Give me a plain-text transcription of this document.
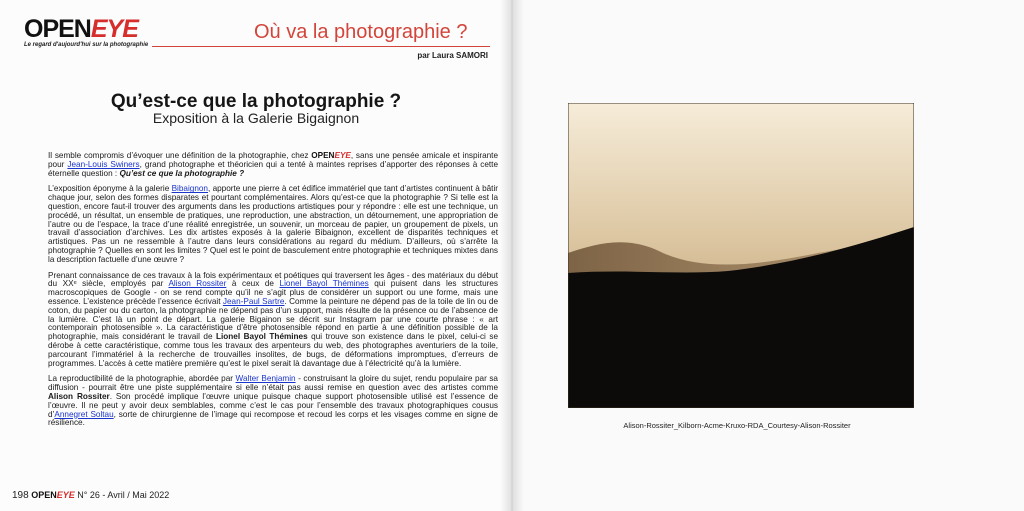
OPENEYE
Le regard d'aujourd'hui sur la photographie
Où va la photographie ?
par Laura SAMORI
Qu’est-ce que la photographie ?
Exposition à la Galerie Bigaignon

Il semble compromis d’évoquer une définition de la photographie, chez OPENEYE, sans une pensée amicale et inspirante pour Jean-Louis Swiners, grand photographe et théoricien qui a tenté à maintes reprises d’apporter des réponses à cette éternelle question : Qu’est ce que la photographie ?

L’exposition éponyme à la galerie Bibaignon, apporte une pierre à cet édifice immatériel que tant d’artistes continuent à bâtir chaque jour, selon des formes disparates et pourtant complémentaires. Alors qu’est-ce que la photographie ? Si telle est la question, encore faut-il trouver des arguments dans les productions artistiques pour y répondre : elle est une technique, un procédé, un résultat, un ensemble de pratiques, une reproduction, une abstraction, un détournement, une appropriation de l’autre ou de l’espace, la trace d’une réalité enregistrée, un souvenir, un morceau de papier, un groupement de pixels, un travail d’association d’archives. Les dix artistes exposés à la galerie Bibaignon, excellent de disparités techniques et artistiques. Pas un ne ressemble à l’autre dans leurs considérations au regard du médium. D’ailleurs, où s’arrête la photographie ? Quelles en sont les limites ? Quel est le point de basculement entre photographie et techniques mixtes dans la description factuelle d’une œuvre ?

Prenant connaissance de ces travaux à la fois expérimentaux et poétiques qui traversent les âges - des matériaux du début du XXᵉ siècle, employés par Alison Rossiter à ceux de Lionel Bayol Thémines qui puisent dans les structures macroscopiques de Google - on se rend compte qu’il ne s’agit plus de considérer un support ou une forme, mais une essence. L’existence précède l’essence écrivait Jean-Paul Sartre. Comme la peinture ne dépend pas de la toile de lin ou de coton, du papier ou du carton, la photographie ne dépend pas d’un support, mais résulte de la présence ou de l’absence de la lumière. C’est là un point de départ. La galerie Bigainon se décrit sur Instagram par une courte phrase : « art contemporain photosensible ». La caractéristique d’être photosensible répond en partie à une définition possible de la photographie, mais considérant le travail de Lionel Bayol Thémines qui trouve son existence dans le pixel, celui-ci se dérobe à cette caractéristique, comme tous les travaux des arpenteurs du web, des photographes aventuriers de la toile, parcourant l’immatériel à la recherche de trouvailles insolites, de bugs, de déformations impromptues, d’erreurs de programmes. L’accès à cette matière première qu’est le pixel serait là davantage due à l’électricité qu’à la lumière.

La reproductibilité de la photographie, abordée par Walter Benjamin - construisant la gloire du sujet, rendu populaire par sa diffusion - pourrait être une piste supplémentaire si elle n’était pas aussi remise en question avec des artistes comme Alison Rossiter. Son procédé implique l’œuvre unique puisque chaque support photosensible utilisé est l’essence de l’œuvre. Il ne peut y avoir deux semblables, comme c’est le cas pour l’ensemble des travaux photographiques cousus d’Annegret Soltau, sorte de chirurgienne de l’image qui recompose et recoud les corps et les visages comme en signe de résilience.

198 OPENEYE N° 26 - Avril / Mai 2022
Alison-Rossiter_Kilborn-Acme-Kruxo-RDA_Courtesy-Alison-Rossiter
